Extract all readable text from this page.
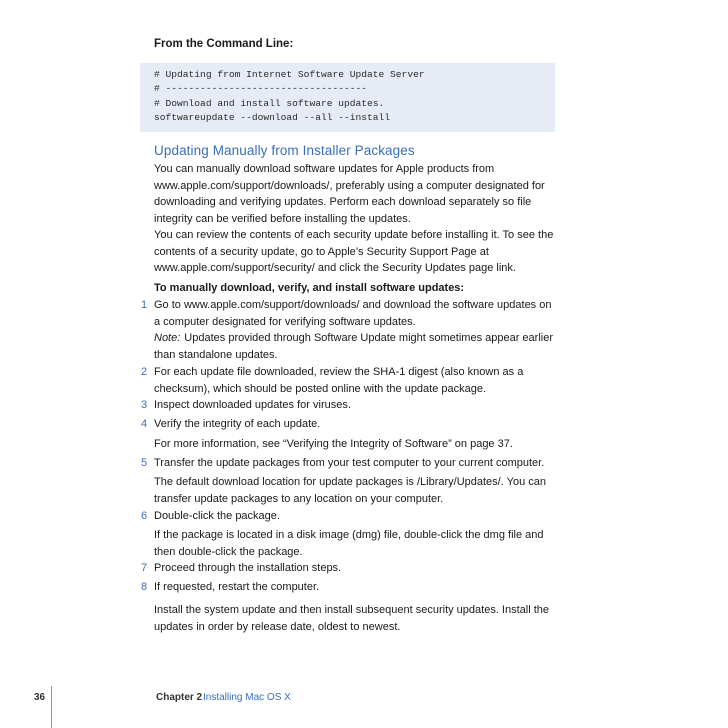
From the Command Line:
# Updating from Internet Software Update Server
# -----------------------------------
# Download and install software updates.
softwareupdate --download --all --install
Updating Manually from Installer Packages

You can manually download software updates for Apple products from www.apple.com/support/downloads/, preferably using a computer designated for downloading and verifying updates. Perform each download separately so file integrity can be verified before installing the updates.

You can review the contents of each security update before installing it. To see the contents of a security update, go to Apple’s Security Support Page at www.apple.com/support/security/ and click the Security Updates page link.

To manually download, verify, and install software updates:

1 Go to www.apple.com/support/downloads/ and download the software updates on a computer designated for verifying software updates.
Note: Updates provided through Software Update might sometimes appear earlier than standalone updates.
2 For each update file downloaded, review the SHA-1 digest (also known as a checksum), which should be posted online with the update package.
3 Inspect downloaded updates for viruses.
4 Verify the integrity of each update.
For more information, see “Verifying the Integrity of Software” on page 37.
5 Transfer the update packages from your test computer to your current computer.
The default download location for update packages is /Library/Updates/. You can transfer update packages to any location on your computer.
6 Double-click the package.
If the package is located in a disk image (dmg) file, double-click the dmg file and then double-click the package.
7 Proceed through the installation steps.
8 If requested, restart the computer.

Install the system update and then install subsequent security updates. Install the updates in order by release date, oldest to newest.

36	Chapter 2 Installing Mac OS X
